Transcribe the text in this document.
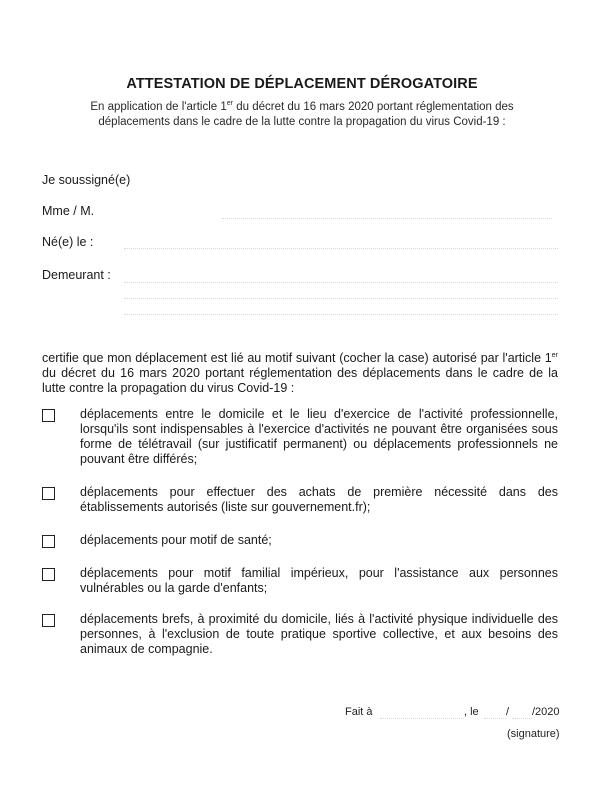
ATTESTATION DE DÉPLACEMENT DÉROGATOIRE
En application de l'article 1er du décret du 16 mars 2020 portant réglementation des déplacements dans le cadre de la lutte contre la propagation du virus Covid-19 :
Je soussigné(e)
Mme / M.
Né(e) le :
Demeurant :
certifie que mon déplacement est lié au motif suivant (cocher la case) autorisé par l'article 1er du décret du 16 mars 2020 portant réglementation des déplacements dans le cadre de la lutte contre la propagation du virus Covid-19 :
déplacements entre le domicile et le lieu d'exercice de l'activité professionnelle, lorsqu'ils sont indispensables à l'exercice d'activités ne pouvant être organisées sous forme de télétravail (sur justificatif permanent) ou déplacements professionnels ne pouvant être différés;
déplacements pour effectuer des achats de première nécessité dans des établissements autorisés (liste sur gouvernement.fr);
déplacements pour motif de santé;
déplacements pour motif familial impérieux, pour l'assistance aux personnes vulnérables ou la garde d'enfants;
déplacements brefs, à proximité du domicile, liés à l'activité physique individuelle des personnes, à l'exclusion de toute pratique sportive collective, et aux besoins des animaux de compagnie.
Fait à	, le / /2020
(signature)
